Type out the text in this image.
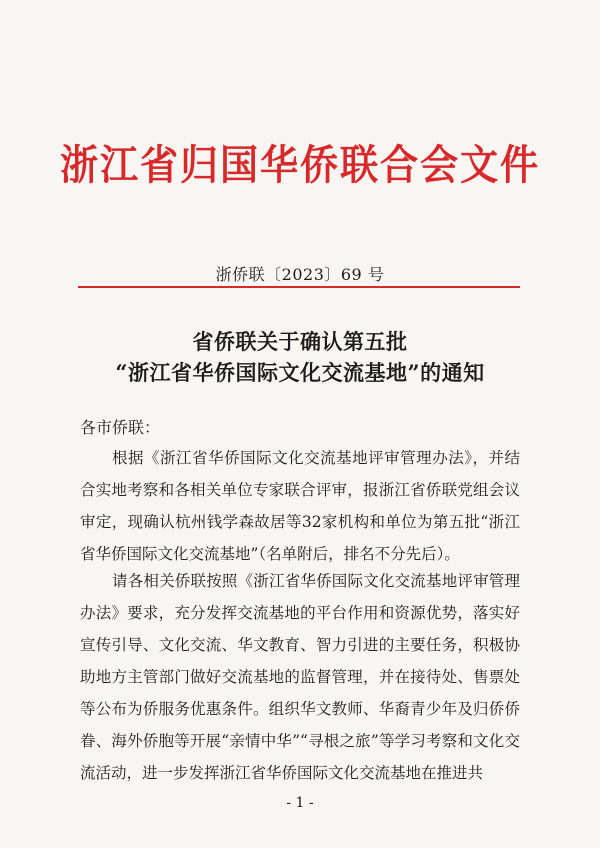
浙江省归国华侨联合会文件
浙侨联〔2023〕69 号
省侨联关于确认第五批
“浙江省华侨国际文化交流基地”的通知
各市侨联：

根据《浙江省华侨国际文化交流基地评审管理办法》，并结合实地考察和各相关单位专家联合评审，报浙江省侨联党组会议审定，现确认杭州钱学森故居等32家机构和单位为第五批“浙江省华侨国际文化交流基地”（名单附后，排名不分先后）。

请各相关侨联按照《浙江省华侨国际文化交流基地评审管理办法》要求，充分发挥交流基地的平台作用和资源优势，落实好宣传引导、文化交流、华文教育、智力引进的主要任务，积极协助地方主管部门做好交流基地的监督管理，并在接待处、售票处等公布为侨服务优惠条件。组织华文教师、华裔青少年及归侨侨眷、海外侨胞等开展“亲情中华”“寻根之旅”等学习考察和文化交流活动，进一步发挥浙江省华侨国际文化交流基地在推进共

- 1 -
